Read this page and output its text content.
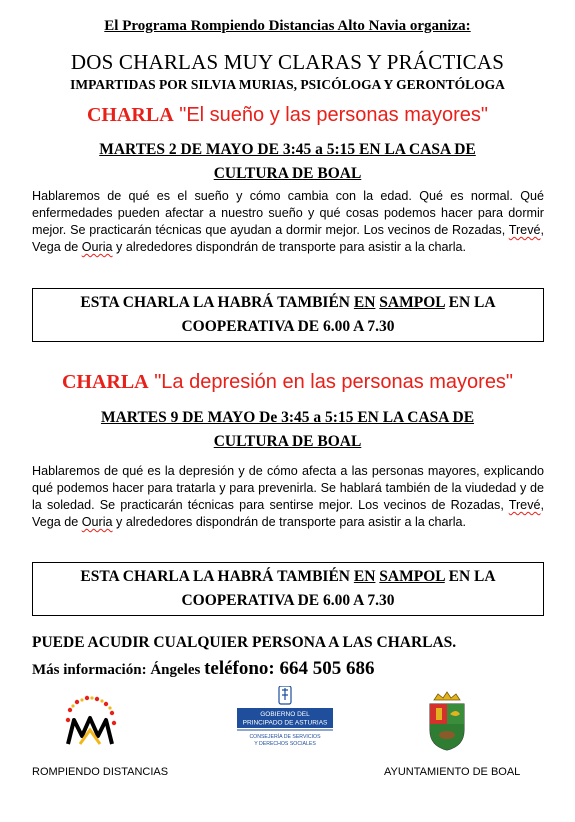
El Programa Rompiendo Distancias Alto Navia organiza:
DOS CHARLAS MUY CLARAS Y PRÁCTICAS
IMPARTIDAS POR SILVIA MURIAS, PSICÓLOGA Y GERONTÓLOGA
CHARLA "El sueño y las personas mayores"
MARTES 2 DE MAYO DE 3:45 a 5:15 EN LA CASA DE
CULTURA DE BOAL
Hablaremos de qué es el sueño y cómo cambia con la edad. Qué es normal. Qué enfermedades pueden afectar a nuestro sueño y qué cosas podemos hacer para dormir mejor. Se practicarán técnicas que ayudan a dormir mejor. Los vecinos de Rozadas, Trevé, Vega de Ouria y alrededores dispondrán de transporte para asistir a la charla.
ESTA CHARLA LA HABRÁ TAMBIÉN EN SAMPOL EN LA
COOPERATIVA DE 6.00 A 7.30
CHARLA "La depresión en las personas mayores"
MARTES 9 DE MAYO De 3:45 a 5:15 EN LA CASA DE
CULTURA DE BOAL
Hablaremos de qué es la depresión y de cómo afecta a las personas mayores, explicando qué podemos hacer para tratarla y para prevenirla. Se hablará también de la viudedad y de la soledad. Se practicarán técnicas para sentirse mejor. Los vecinos de Rozadas, Trevé, Vega de Ouria y alrededores dispondrán de transporte para asistir a la charla.
ESTA CHARLA LA HABRÁ TAMBIÉN EN SAMPOL EN LA
COOPERATIVA DE 6.00 A 7.30
PUEDE ACUDIR CUALQUIER PERSONA A LAS CHARLAS.
Más información: Ángeles teléfono: 664 505 686
GOBIERNO DEL
PRINCIPADO DE ASTURIAS
CONSEJERÍA DE SERVICIOS
Y DERECHOS SOCIALES
ROMPIENDO DISTANCIAS	AYUNTAMIENTO DE BOAL
